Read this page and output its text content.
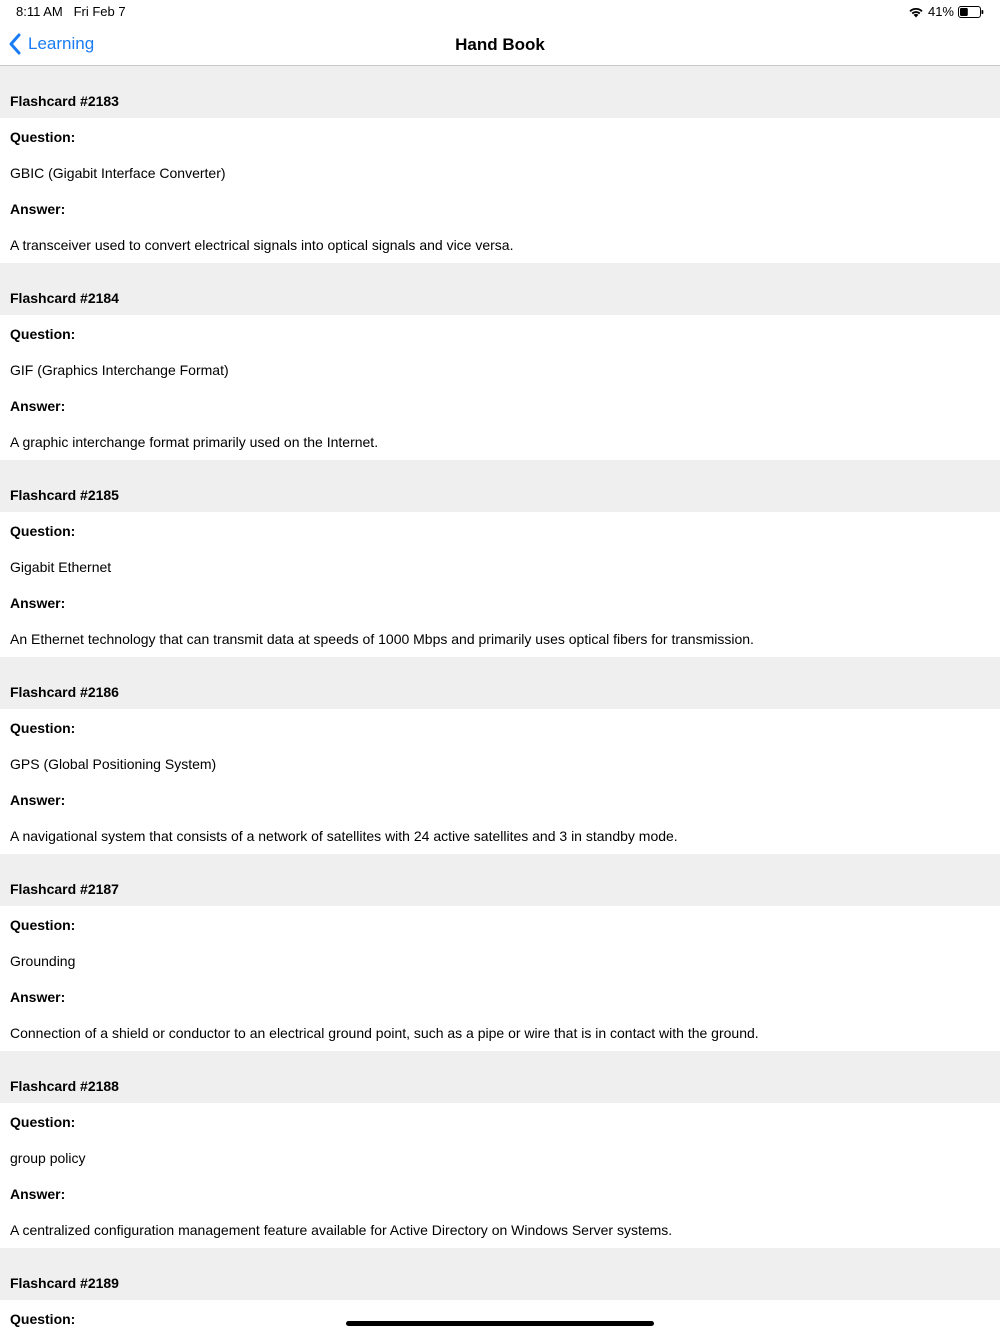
8:11 AM Fri Feb 7	41%
Learning	Hand Book
Flashcard #2183
Question:
GBIC (Gigabit Interface Converter)
Answer:
A transceiver used to convert electrical signals into optical signals and vice versa.
Flashcard #2184
Question:
GIF (Graphics Interchange Format)
Answer:
A graphic interchange format primarily used on the Internet.
Flashcard #2185
Question:
Gigabit Ethernet
Answer:
An Ethernet technology that can transmit data at speeds of 1000 Mbps and primarily uses optical fibers for transmission.
Flashcard #2186
Question:
GPS (Global Positioning System)
Answer:
A navigational system that consists of a network of satellites with 24 active satellites and 3 in standby mode.
Flashcard #2187
Question:
Grounding
Answer:
Connection of a shield or conductor to an electrical ground point, such as a pipe or wire that is in contact with the ground.
Flashcard #2188
Question:
group policy
Answer:
A centralized configuration management feature available for Active Directory on Windows Server systems.
Flashcard #2189
Question:
